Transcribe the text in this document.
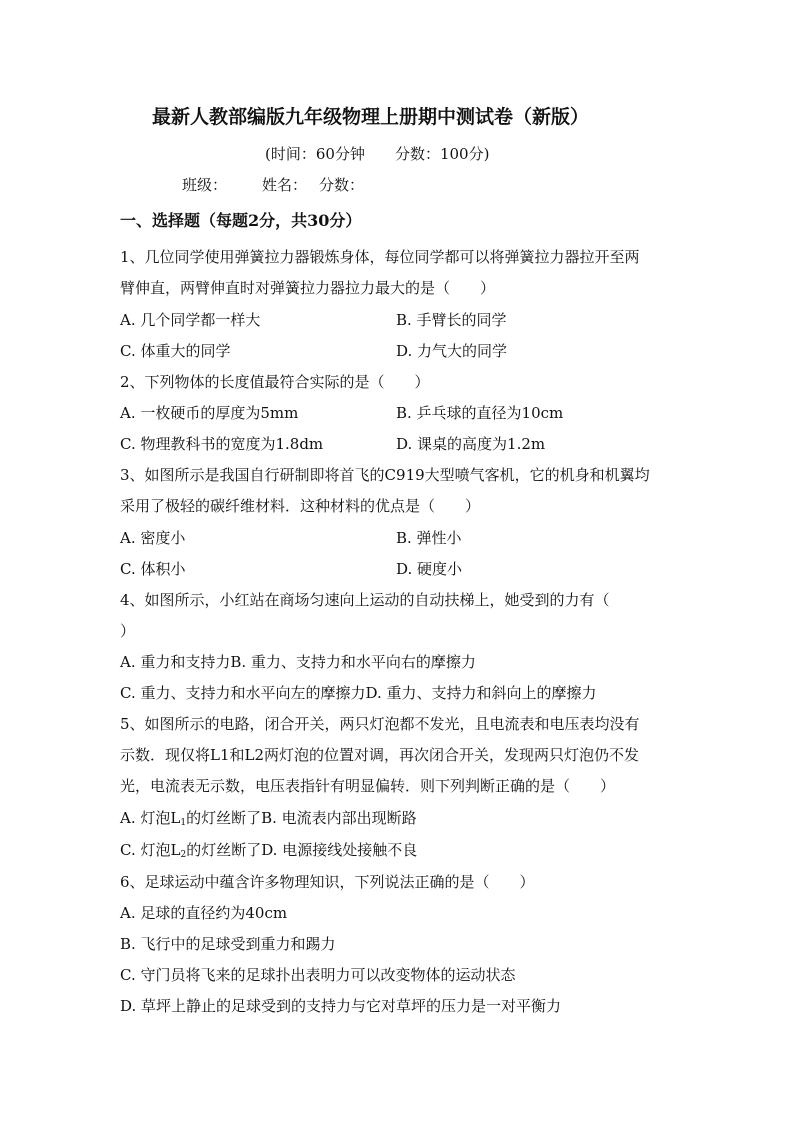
最新人教部编版九年级物理上册期中测试卷（新版）
(时间：60分钟　　分数：100分)
班级： 姓名： 分数：
一、选择题（每题2分，共30分）
1、几位同学使用弹簧拉力器锻炼身体，每位同学都可以将弹簧拉力器拉开至两
臂伸直，两臂伸直时对弹簧拉力器拉力最大的是（　　）
A. 几个同学都一样大	B. 手臂长的同学
C. 体重大的同学	D. 力气大的同学
2、下列物体的长度值最符合实际的是（　　）
A. 一枚硬币的厚度为5mm	B. 乒乓球的直径为10cm
C. 物理教科书的宽度为1.8dm	D. 课桌的高度为1.2m
3、如图所示是我国自行研制即将首飞的C919大型喷气客机，它的机身和机翼均
采用了极轻的碳纤维材料．这种材料的优点是（　　）
A. 密度小	B. 弹性小
C. 体积小	D. 硬度小
4、如图所示，小红站在商场匀速向上运动的自动扶梯上，她受到的力有（
）
A. 重力和支持力B. 重力、支持力和水平向右的摩擦力
C. 重力、支持力和水平向左的摩擦力D. 重力、支持力和斜向上的摩擦力
5、如图所示的电路，闭合开关，两只灯泡都不发光，且电流表和电压表均没有
示数．现仅将L1和L2两灯泡的位置对调，再次闭合开关，发现两只灯泡仍不发
光，电流表无示数，电压表指针有明显偏转．则下列判断正确的是（　　）
A. 灯泡$L_1$的灯丝断了B. 电流表内部出现断路
C. 灯泡$L_2$的灯丝断了D. 电源接线处接触不良
6、足球运动中蕴含许多物理知识，下列说法正确的是（　　）
A. 足球的直径约为40cm
B. 飞行中的足球受到重力和踢力
C. 守门员将飞来的足球扑出表明力可以改变物体的运动状态
D. 草坪上静止的足球受到的支持力与它对草坪的压力是一对平衡力
